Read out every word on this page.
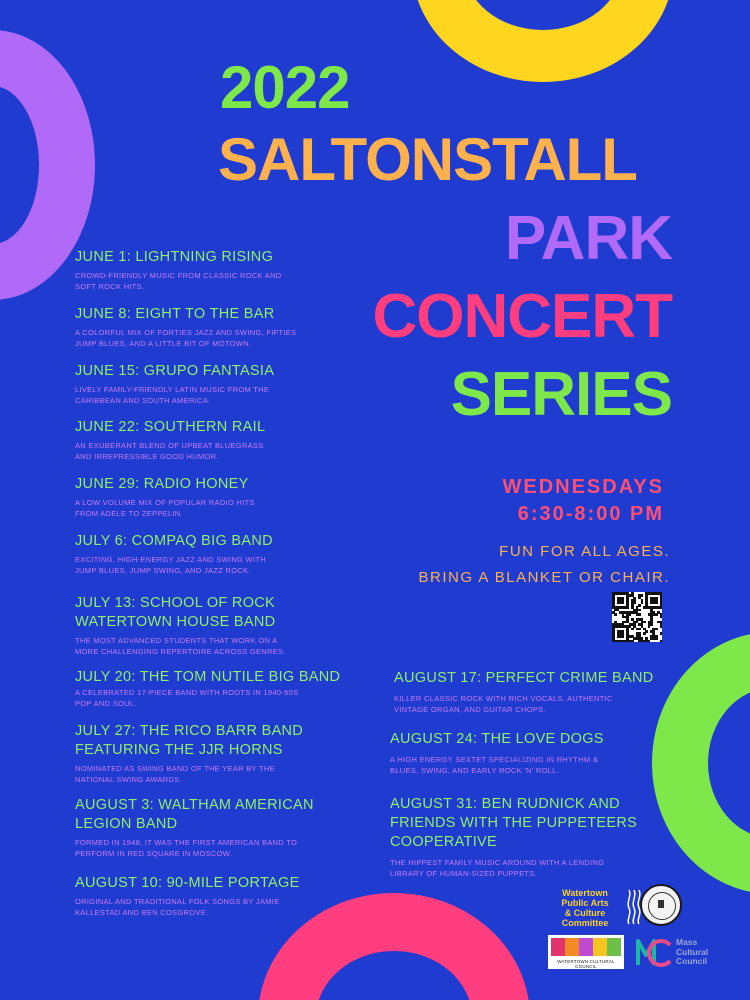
2022
SALTONSTALL
PARK
CONCERT
SERIES
WEDNESDAYS
6:30-8:00 PM
FUN FOR ALL AGES.
BRING A BLANKET OR CHAIR.
JUNE 1: LIGHTNING RISING
CROWD-FRIENDLY MUSIC FROM CLASSIC ROCK AND
SOFT ROCK HITS.
JUNE 8: EIGHT TO THE BAR
A COLORFUL MIX OF FORTIES JAZZ AND SWING, FIFTIES
JUMP BLUES, AND A LITTLE BIT OF MOTOWN.
JUNE 15: GRUPO FANTASIA
LIVELY FAMILY-FRIENDLY LATIN MUSIC FROM THE
CARIBBEAN AND SOUTH AMERICA.
JUNE 22: SOUTHERN RAIL
AN EXUBERANT BLEND OF UPBEAT BLUEGRASS
AND IRREPRESSIBLE GOOD HUMOR.
JUNE 29: RADIO HONEY
A LOW VOLUME MIX OF POPULAR RADIO HITS
FROM ADELE TO ZEPPELIN.
JULY 6: COMPAQ BIG BAND
EXCITING, HIGH-ENERGY JAZZ AND SWING WITH
JUMP BLUES, JUMP SWING, AND JAZZ ROCK.
JULY 13: SCHOOL OF ROCK
WATERTOWN HOUSE BAND
THE MOST ADVANCED STUDENTS THAT WORK ON A
MORE CHALLENGING REPERTOIRE ACROSS GENRES.
JULY 20: THE TOM NUTILE BIG BAND
A CELEBRATED 17-PIECE BAND WITH ROOTS IN 1940-50S
POP AND SOUL.
JULY 27: THE RICO BARR BAND
FEATURING THE JJR HORNS
NOMINATED AS SWING BAND OF THE YEAR BY THE
NATIONAL SWING AWARDS.
AUGUST 3: WALTHAM AMERICAN
LEGION BAND
FORMED IN 1948, IT WAS THE FIRST AMERICAN BAND TO
PERFORM IN RED SQUARE IN MOSCOW.
AUGUST 10: 90-MILE PORTAGE
ORIGINAL AND TRADITIONAL FOLK SONGS BY JAMIE
KALLESTAD AND BEN COSGROVE.
AUGUST 17: PERFECT CRIME BAND
KILLER CLASSIC ROCK WITH RICH VOCALS, AUTHENTIC
VINTAGE ORGAN, AND GUITAR CHOPS.
AUGUST 24: THE LOVE DOGS
A HIGH ENERGY SEXTET SPECIALIZING IN RHYTHM &
BLUES, SWING, AND EARLY ROCK 'N' ROLL.
AUGUST 31: BEN RUDNICK AND
FRIENDS WITH THE PUPPETEERS
COOPERATIVE
THE HIPPEST FAMILY MUSIC AROUND WITH A LENDING
LIBRARY OF HUMAN-SIZED PUPPETS.
Watertown
Public Arts
& Culture
Committee
WATERTOWN CULTURAL COUNCIL
Mass
Cultural
Council
